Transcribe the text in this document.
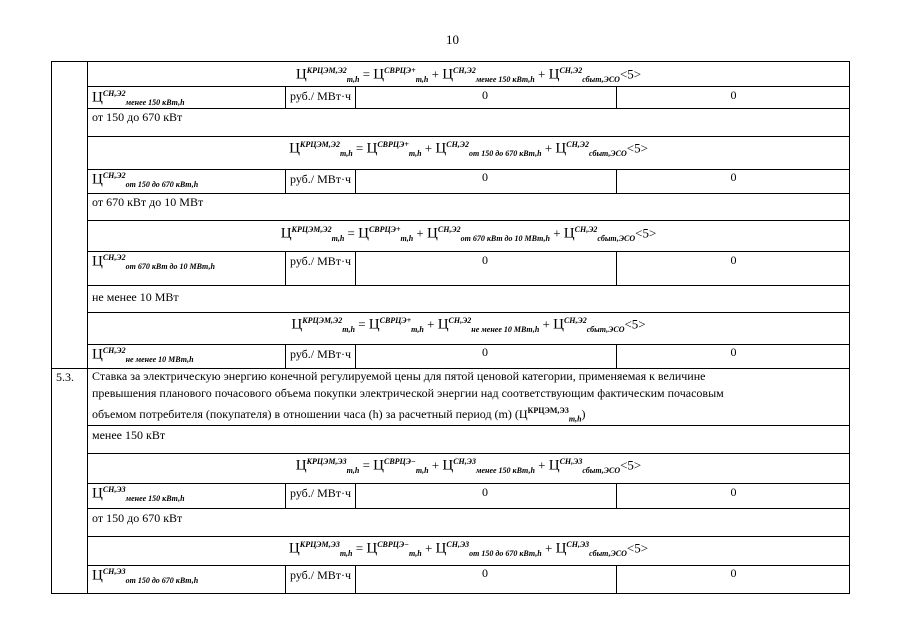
10
$Ц^{КРЦЭМ,Э2}_{m,h} = Ц^{СВРЦЭ+}_{m,h} + Ц^{СН,Э2}_{менее 150 кВт,h} + Ц^{СН,Э2}_{сбыт,ЭСО}<5>$
$Ц^{СН,Э2}_{менее 150 кВт,h}$	руб./ МВт·ч	0	0
от 150 до 670 кВт
$Ц^{КРЦЭМ,Э2}_{m,h} = Ц^{СВРЦЭ+}_{m,h} + Ц^{СН,Э2}_{от 150 до 670 кВт,h} + Ц^{СН,Э2}_{сбыт,ЭСО}<5>$
$Ц^{СН,Э2}_{от 150 до 670 кВт,h}$	руб./ МВт·ч	0	0
от 670 кВт до 10 МВт
$Ц^{КРЦЭМ,Э2}_{m,h} = Ц^{СВРЦЭ+}_{m,h} + Ц^{СН,Э2}_{от 670 кВт до 10 МВт,h} + Ц^{СН,Э2}_{сбыт,ЭСО}<5>$
$Ц^{СН,Э2}_{от 670 кВт до 10 МВт,h}$	руб./ МВт·ч	0	0
не менее 10 МВт
$Ц^{КРЦЭМ,Э2}_{m,h} = Ц^{СВРЦЭ+}_{m,h} + Ц^{СН,Э2}_{не менее 10 МВт,h} + Ц^{СН,Э2}_{сбыт,ЭСО}<5>$
$Ц^{СН,Э2}_{не менее 10 МВт,h}$	руб./ МВт·ч	0	0
5.3. Ставка за электрическую энергию конечной регулируемой цены для пятой ценовой категории, применяемая к величине
превышения планового почасового объема покупки электрической энергии над соответствующим фактическим почасовым
объемом потребителя (покупателя) в отношении часа (h) за расчетный период (m) $(Ц^{КРЦЭМ,Э3}_{m,h})$
менее 150 кВт
$Ц^{КРЦЭМ,Э3}_{m,h} = Ц^{СВРЦЭ-}_{m,h} + Ц^{СН,Э3}_{менее 150 кВт,h} + Ц^{СН,Э3}_{сбыт,ЭСО}<5>$
$Ц^{СН,Э3}_{менее 150 кВт,h}$	руб./ МВт·ч	0	0
от 150 до 670 кВт
$Ц^{КРЦЭМ,Э3}_{m,h} = Ц^{СВРЦЭ-}_{m,h} + Ц^{СН,Э3}_{от 150 до 670 кВт,h} + Ц^{СН,Э3}_{сбыт,ЭСО}<5>$
$Ц^{СН,Э3}_{от 150 до 670 кВт,h}$	руб./ МВт·ч	0	0
